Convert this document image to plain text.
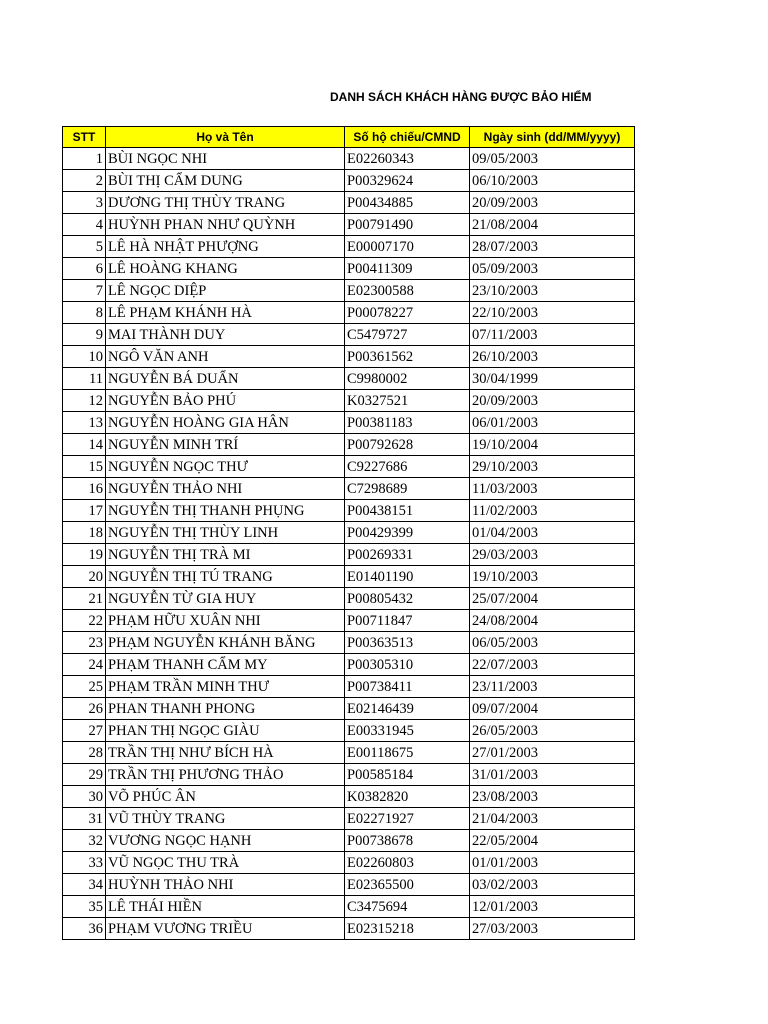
DANH SÁCH KHÁCH HÀNG ĐƯỢC BẢO HIỂM
STT	Họ và Tên	Số hộ chiếu/CMND	Ngày sinh (dd/MM/yyyy)
1	BÙI NGỌC NHI	E02260343	09/05/2003
2	BÙI THỊ CẨM DUNG	P00329624	06/10/2003
3	DƯƠNG THỊ THÙY TRANG	P00434885	20/09/2003
4	HUỲNH PHAN NHƯ QUỲNH	P00791490	21/08/2004
5	LÊ HÀ NHẬT PHƯỢNG	E00007170	28/07/2003
6	LÊ HOÀNG KHANG	P00411309	05/09/2003
7	LÊ NGỌC DIỆP	E02300588	23/10/2003
8	LÊ PHẠM KHÁNH HÀ	P00078227	22/10/2003
9	MAI THÀNH DUY	C5479727	07/11/2003
10	NGÔ VĂN ANH	P00361562	26/10/2003
11	NGUYỄN BÁ DUẨN	C9980002	30/04/1999
12	NGUYỄN BẢO PHÚ	K0327521	20/09/2003
13	NGUYỄN HOÀNG GIA HÂN	P00381183	06/01/2003
14	NGUYỄN MINH TRÍ	P00792628	19/10/2004
15	NGUYỄN NGỌC THƯ	C9227686	29/10/2003
16	NGUYỄN THẢO NHI	C7298689	11/03/2003
17	NGUYỄN THỊ THANH PHỤNG	P00438151	11/02/2003
18	NGUYỄN THỊ THÙY LINH	P00429399	01/04/2003
19	NGUYỄN THỊ TRÀ MI	P00269331	29/03/2003
20	NGUYỄN THỊ TÚ TRANG	E01401190	19/10/2003
21	NGUYỄN TỪ GIA HUY	P00805432	25/07/2004
22	PHẠM HỮU XUÂN NHI	P00711847	24/08/2004
23	PHẠM NGUYỄN KHÁNH BĂNG	P00363513	06/05/2003
24	PHẠM THANH CẨM MY	P00305310	22/07/2003
25	PHẠM TRẦN MINH THƯ	P00738411	23/11/2003
26	PHAN THANH PHONG	E02146439	09/07/2004
27	PHAN THỊ NGỌC GIÀU	E00331945	26/05/2003
28	TRẦN THỊ NHƯ BÍCH HÀ	E00118675	27/01/2003
29	TRẦN THỊ PHƯƠNG THẢO	P00585184	31/01/2003
30	VÕ PHÚC ÂN	K0382820	23/08/2003
31	VŨ THÙY TRANG	E02271927	21/04/2003
32	VƯƠNG NGỌC HẠNH	P00738678	22/05/2004
33	VŨ NGỌC THU TRÀ	E02260803	01/01/2003
34	HUỲNH THẢO NHI	E02365500	03/02/2003
35	LÊ THÁI HIỀN	C3475694	12/01/2003
36	PHẠM VƯƠNG TRIỀU	E02315218	27/03/2003
